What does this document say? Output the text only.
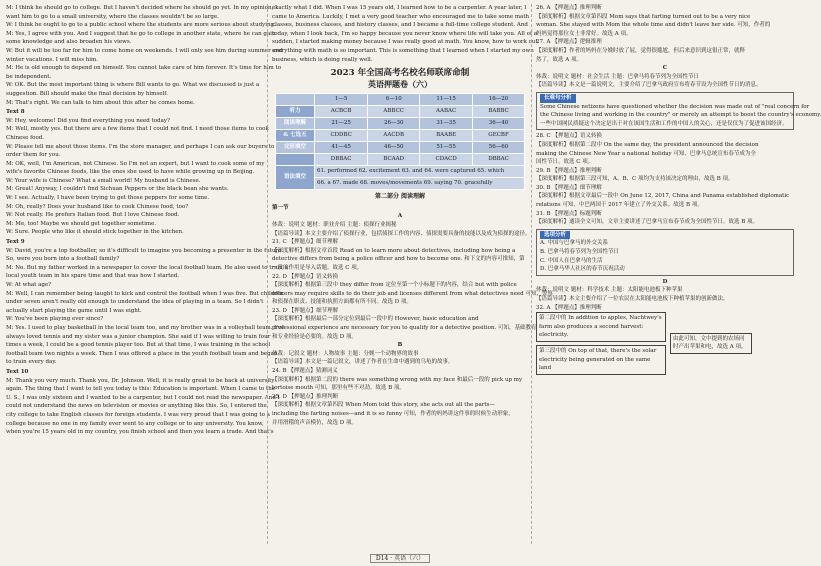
M: I think he should go to college. But I haven't decided where he should go yet. In my opinion, I

want him to go to a small university, where the classes wouldn't be so large.

W: I think he ought to go to a public school where the students are more serious about studying.

M: Yes, I agree with you. And I suggest that he go to college in another state, where he can gain

some knowledge and also broaden his views.

W: But it will be too far for him to come home on weekends. I will only see him during summer and

winter vacations. I will miss him.

M: He is old enough to depend on himself. You cannot take care of him forever. It's time for him to

be independent.

W: OK. But the most important thing is where Bill wants to go. What we discussed is just a

suggestion. Bill should make the final decision by himself.

M: That's right. We can talk to him about this after he comes home.

Text 8

W: Hey, welcome! Did you find everything you need today?

M: Well, mostly yes. But there are a few items that I could not find. I need those items to cook

Chinese food.

W: Please tell me about those items. I'm the store manager, and perhaps I can ask our buyers to

order them for you.

M: OK, well, I'm American, not Chinese. So I'm not an expert, but I want to cook some of my

wife's favorite Chinese foods, like the ones she used to have while growing up in Beijing.

W: Your wife is Chinese? What a small world! My husband is Chinese.

M: Great! Anyway, I couldn't find Sichuan Peppers or the black bean she wants.

W: I see. Actually, I have been trying to get those peppers for some time.

M: Oh, really? Does your husband like to cook Chinese food, too?

W: Not really. He prefers Italian food. But I love Chinese food.

M: Me, too! Maybe we should get together sometime.

W: Sure. People who like it should stick together in the kitchen.

Text 9

W: David, you're a top footballer, so it's difficult to imagine you becoming a presenter in the future.

So, were you born into a football family?

M: No. But my father worked in a newspaper to cover the local football team. He also used to train a

local youth team in his spare time and that was how I started.

W: At what age?

M: Well, I can remember being taught to kick and control the football when I was five. But children

under seven aren't really old enough to understand the idea of playing in a team. So I didn't

actually start playing the game until I was eight.

W: You've been playing ever since?

M: Yes. I used to play basketball in the local team too, and my brother was in a volleyball team. I've

always loved tennis and my sister was a junior champion. She said if I was willing to train four

times a week, I could be a good tennis player too. But at that time, I was training in the school

football team two nights a week. Then I was offered a place in the youth football team and began

to train every day.

Text 10

M: Thank you very much. Thank you, Dr. Johnson. Well, it is really great to be back at university

again. The thing that I want to tell you today is this: Education is important. When I came to the

U. S., I was only sixteen and I wanted to be a carpenter, but I could not read the newspaper. And I

could not understand the news on television or movies or anything like this. So, I entered the

city college to take English classes for foreign students. I was very proud that I was going to a

college because no one in my family ever went to any college or to any university. You know,

when you're 15 years old in my country, you finish school and then you learn a trade. And that's

exactly what I did. When I was 15 years old, I learned how to be a carpenter. A year later, I

came to America. Luckily, I met a very good teacher who encouraged me to take some math

classes, business classes, and history classes, and I became a full-time college student. And

today, when I look back, I'm so happy because you never know where life will take you. All of a

sudden, I started making money because I was really good at math. You know, how to work out

everything with math is so important. This is something that I learned when I started my own

business, which is doing really well.

2023 年全国高考名校名师联席命制
英语押题卷（六）
	1—5	6—10	11—15	16—20
听力	ACBCB	ABBCC	AABAC	BABBC
阅读理解	21—25	26—30	31—35	36—40
& 七选五	CDDBC	AACDB	BAABE	GECBF
完形填空	41—45	46—50	51—55	56—60
	DBBAC	BCAAD	CDACD	DBBAC
语法填空	61. performed 62. excitement 63. and 64. were captured 65. which			
	66. a 67. made 68. moves/movements 69. saying 70. gracefully			
第二部分 阅读理解

第一节

A

体裁：说明文 题材：职业介绍 主题：侦探行业揭秘

【语篇导读】本文主要介绍了侦探行业，包括侦探工作的内容、侦探需要具备的技能以及成为侦探的途径。

21. C 【押题点】细节理解

【深度解析】根据文章首段 Read on to learn more about detectives, including how being a

detective differs from being a police officer and how to become one. 和下文的内容可推知，第

一段的作用是导入话题。故选 C 项。

22. D 【押题点】语义转换

【深度解析】根据第三段中 they differ from 定位至第一个小标题下的内容，结合 but with police

officers may require skills to do their job and licenses different from what detectives need 可知，警察

和侦探在职责、技能和执照方面都有所不同。故选 D 项。

23. D 【押题点】细节理解

【深度解析】根据最后一部分定位到最后一段中的 However, basic education and

professional experience are necessary for you to qualify for a detective position. 可知，基础教育

和专业经验是必要的。故选 D 项。

B

体裁：记叙文 题材：人物故事 主题：分娩一个动物界的故事

【语篇导读】本文是一篇记叙文，讲述了作者在生命中遇到的乌龟的故事。

24. B 【押题点】猜测词义

【深度解析】根据第二段的 there was something wrong with my face 和最后一段的 pick up my

tortoise mouth 可知，那里有些不对劲。故选 B 项。

25. D 【押题点】推理判断

【深度解析】根据文章第四段 When Mom told this story, she acts out all the parts—

including the farting noises—and it is so funny 可知，作者的妈妈讲这件事的时候生动形象，

并用滑稽的声音模仿，故选 D 项。

26. A 【押题点】推理判断

【深度解析】根据文章第四段 Mom says that farting turned out to be a very nice

woman. She stayed with Mom the whole time and didn't leave her side. 可知，作者的

妈妈觉得那位女士非常好。故选 A 项。

27. A 【押题点】逻辑推理

【深度解析】作者的妈妈在分娩时放了屁，觉得很尴尬，但后来意识到这很正常，就释

然了，故选 A 项。

C

体裁：说明文 题材：社会生活 主题：巴拿马将春节列为全国性节日

【语篇导读】本文是一篇说明文，主要介绍了巴拿马政府宣布将春节设为全国性节日的消息。

长难句分析

Some Chinese netizens have questioned whether the decision was made out of "real concern for

the Chinese living and working in the country" or merely an attempt to boost the country's economy.

一些中国网民质疑这个决定是出于对在该国生活和工作的中国人的关心，还是仅仅为了促进该国经济。

28. C 【押题点】语义转换

【深度解析】根据第二段中 On the same day, the president announced the decision

making the Chinese New Year a national holiday 可知，巴拿马总统宣布春节成为全

国性节日。故选 C 项。

29. B 【押题点】推理判断

【深度解析】根据第三段可知，A、B、C 项均为支持该决定的理由，故选 B 项。

30. B 【押题点】细节理解

【深度解析】根据文章最后一段中 On June 12, 2017, China and Panama established diplomatic

relations 可知，中巴两国于 2017 年建立了外交关系。故选 B 项。

31. B 【押题点】标题判断

【深度解析】通读全文可知，文章主要讲述了巴拿马宣布春节成为全国性节日。故选 B 项。

选项分析

A. 中国与巴拿马的外交关系

B. 巴拿马将春节列为全国性节日

C. 中国人在巴拿马的生活

D. 巴拿马华人社区的春节庆祝活动

D

体裁：说明文 题材：科学技术 主题：太阳能电池板下种苹果

【语篇导读】本文主要介绍了一位农民在太阳能电池板下种植苹果的创新做法。

32. A 【押题点】推理判断

第二段中的 In addition to apples, Nachtwey's farm also produces a second harvest: electricity.
第三段中的 On top of that, there's the solar electricity being generated on the same land
由此可知，文中提到的农场同时产出苹果和电，故选 A 项。
D14 · 英语（六）
